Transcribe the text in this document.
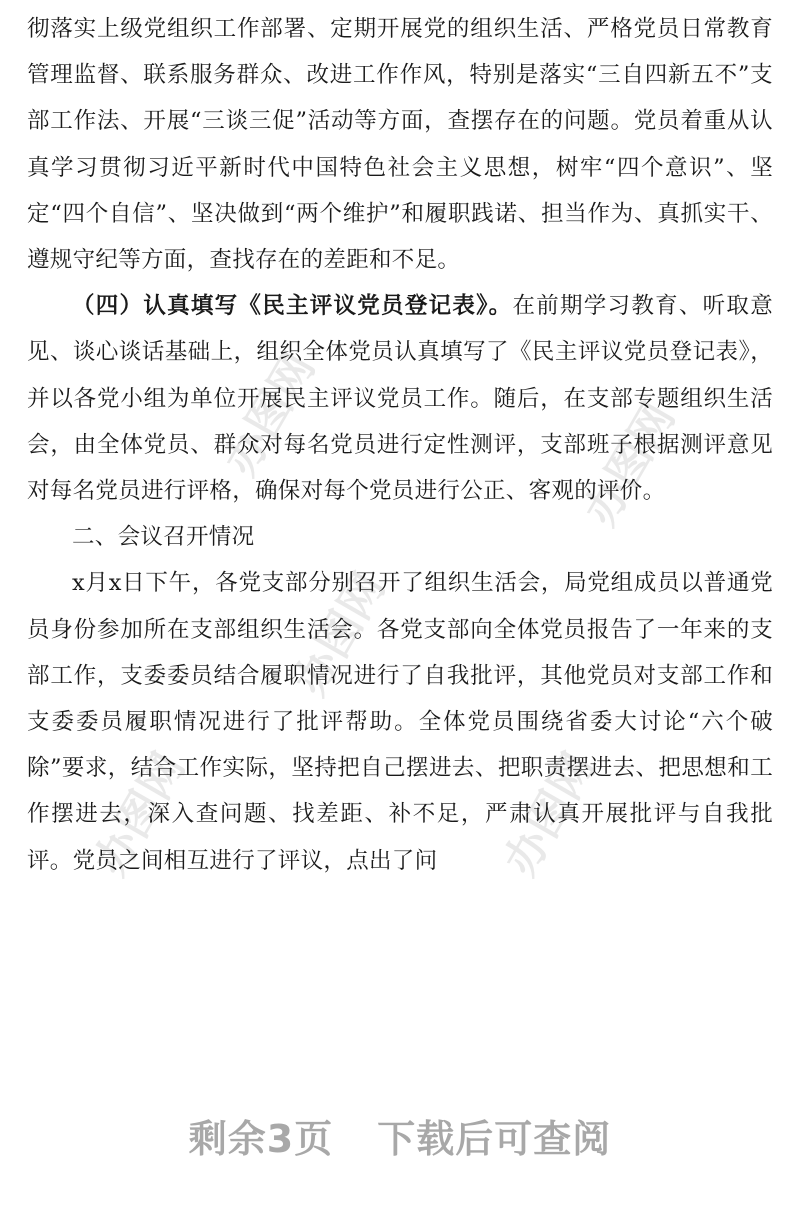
办图网	办图网
办图网
办图网
办图网

彻落实上级党组织工作部署、定期开展党的组织生活、严格党员日常教育管理监督、联系服务群众、改进工作作风，特别是落实“三自四新五不”支部工作法、开展“三谈三促”活动等方面，查摆存在的问题。党员着重从认真学习贯彻习近平新时代中国特色社会主义思想，树牢“四个意识”、坚定“四个自信”、坚决做到“两个维护”和履职践诺、担当作为、真抓实干、遵规守纪等方面，查找存在的差距和不足。

（四）认真填写《民主评议党员登记表》。在前期学习教育、听取意见、谈心谈话基础上，组织全体党员认真填写了《民主评议党员登记表》，并以各党小组为单位开展民主评议党员工作。随后，在支部专题组织生活会，由全体党员、群众对每名党员进行定性测评，支部班子根据测评意见对每名党员进行评格，确保对每个党员进行公正、客观的评价。

二、会议召开情况

x月x日下午，各党支部分别召开了组织生活会，局党组成员以普通党员身份参加所在支部组织生活会。各党支部向全体党员报告了一年来的支部工作，支委委员结合履职情况进行了自我批评，其他党员对支部工作和支委委员履职情况进行了批评帮助。全体党员围绕省委大讨论“六个破除”要求，结合工作实际，坚持把自己摆进去、把职责摆进去、把思想和工作摆进去，深入查问题、找差距、补不足，严肃认真开展批评与自我批评。党员之间相互进行了评议，点出了问

剩余3页 下载后可查阅
